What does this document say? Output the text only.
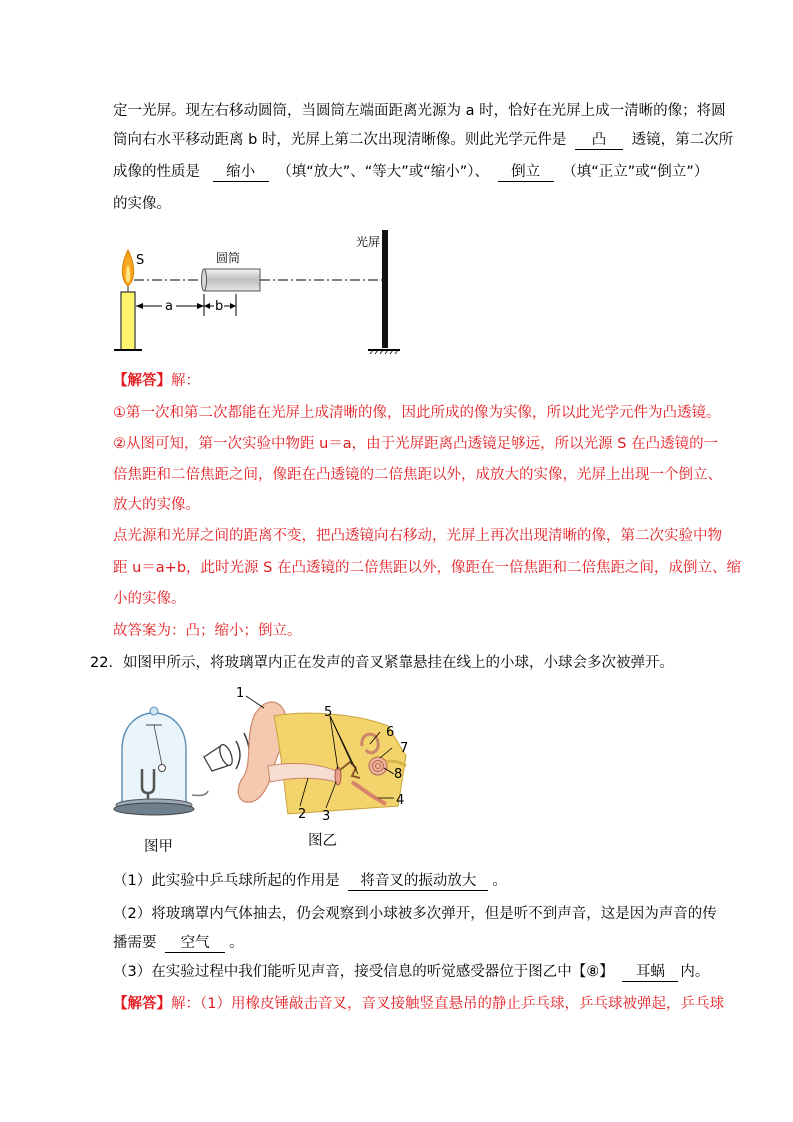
定一光屏。现左右移动圆筒，当圆筒左端面距离光源为 a 时，恰好在光屏上成一清晰的像；将圆
筒向右水平移动距离 b 时，光屏上第二次出现清晰像。则此光学元件是 凸 透镜，第二次所
成像的性质是 缩小 （填“放大”、“等大”或“缩小”）、 倒立 （填“正立”或“倒立”）
的实像。
S	圆筒
光屏
a	b
【解答】解：
①第一次和第二次都能在光屏上成清晰的像，因此所成的像为实像，所以此光学元件为凸透镜。
②从图可知，第一次实验中物距 u＝a，由于光屏距离凸透镜足够远，所以光源 S 在凸透镜的一
倍焦距和二倍焦距之间，像距在凸透镜的二倍焦距以外，成放大的实像，光屏上出现一个倒立、
放大的实像。
点光源和光屏之间的距离不变，把凸透镜向右移动，光屏上再次出现清晰的像，第二次实验中物
距 u＝a+b，此时光源 S 在凸透镜的二倍焦距以外，像距在一倍焦距和二倍焦距之间，成倒立、缩
小的实像。
故答案为：凸；缩小；倒立。
22．如图甲所示，将玻璃罩内正在发声的音叉紧靠悬挂在线上的小球，小球会多次被弹开。
图甲
1
2 3
4
5
6
7
8
图乙
（1）此实验中乒乓球所起的作用是 将音叉的振动放大 。
（2）将玻璃罩内气体抽去，仍会观察到小球被多次弹开，但是听不到声音，这是因为声音的传
播需要 空气 。
（3）在实验过程中我们能听见声音，接受信息的听觉感受器位于图乙中【⑧】 耳蜗 内。
【解答】解：（1）用橡皮锤敲击音叉，音叉接触竖直悬吊的静止乒乓球，乒乓球被弹起，乒乓球
